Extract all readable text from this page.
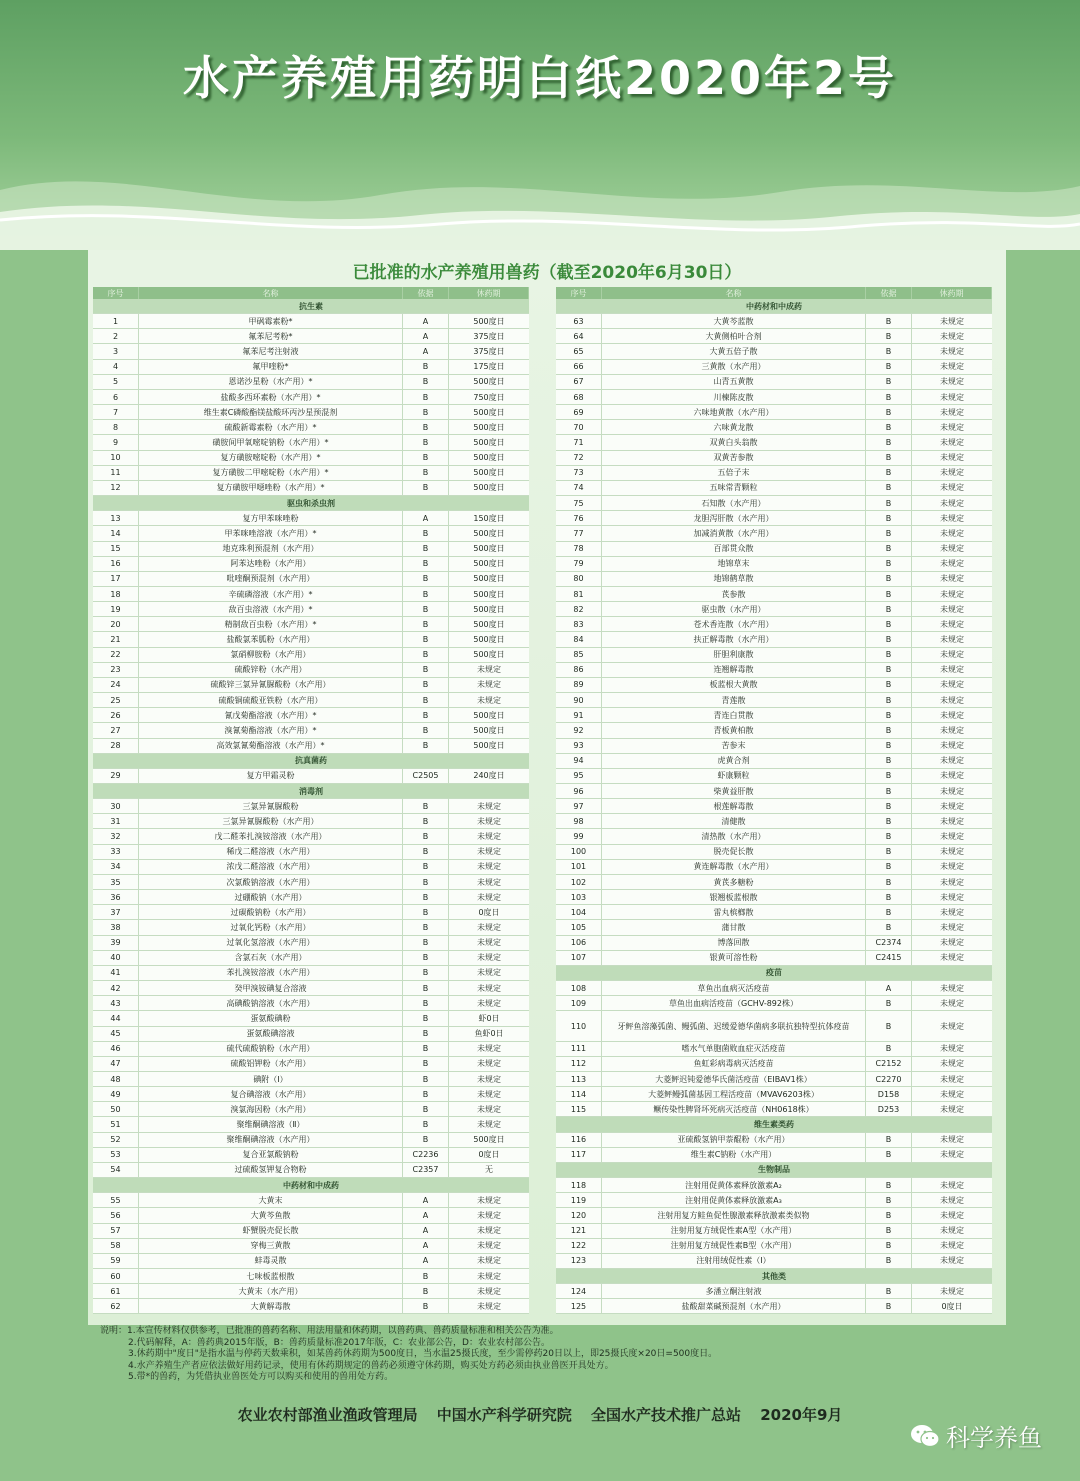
水产养殖用药明白纸2020年2号
已批准的水产养殖用兽药（截至2020年6月30日）
序号	名称	依据	休药期
抗生素
1	甲砜霉素粉*	A	500度日
2	氟苯尼考粉*	A	375度日
3	氟苯尼考注射液	A	375度日
4	氟甲喹粉*	B	175度日
5	恩诺沙星粉（水产用）*	B	500度日
6	盐酸多西环素粉（水产用）*	B	750度日
7	维生素C磷酸酯镁盐酸环丙沙星预混剂	B	500度日
8	硫酸新霉素粉（水产用）*	B	500度日
9	磺胺间甲氧嘧啶钠粉（水产用）*	B	500度日
10	复方磺胺嘧啶粉（水产用）*	B	500度日
11	复方磺胺二甲嘧啶粉（水产用）*	B	500度日
12	复方磺胺甲噁唑粉（水产用）*	B	500度日
驱虫和杀虫剂
13	复方甲苯咪唑粉	A	150度日
14	甲苯咪唑溶液（水产用）*	B	500度日
15	地克珠利预混剂（水产用）	B	500度日
16	阿苯达唑粉（水产用）	B	500度日
17	吡喹酮预混剂（水产用）	B	500度日
18	辛硫磷溶液（水产用）*	B	500度日
19	敌百虫溶液（水产用）*	B	500度日
20	精制敌百虫粉（水产用）*	B	500度日
21	盐酸氯苯胍粉（水产用）	B	500度日
22	氯硝柳胺粉（水产用）	B	500度日
23	硫酸锌粉（水产用）	B	未规定
24	硫酸锌三氯异氰脲酸粉（水产用）	B	未规定
25	硫酸铜硫酸亚铁粉（水产用）	B	未规定
26	氰戊菊酯溶液（水产用）*	B	500度日
27	溴氰菊酯溶液（水产用）*	B	500度日
28	高效氯氰菊酯溶液（水产用）*	B	500度日
抗真菌药
29	复方甲霜灵粉	C2505	240度日
消毒剂
30	三氯异氰脲酸粉	B	未规定
31	三氯异氰脲酸粉（水产用）	B	未规定
32	戊二醛苯扎溴铵溶液（水产用）	B	未规定
33	稀戊二醛溶液（水产用）	B	未规定
34	浓戊二醛溶液（水产用）	B	未规定
35	次氯酸钠溶液（水产用）	B	未规定
36	过硼酸钠（水产用）	B	未规定
37	过碳酸钠粉（水产用）	B	0度日
38	过氧化钙粉（水产用）	B	未规定
39	过氧化氢溶液（水产用）	B	未规定
40	含氯石灰（水产用）	B	未规定
41	苯扎溴铵溶液（水产用）	B	未规定
42	癸甲溴铵碘复合溶液	B	未规定
43	高碘酸钠溶液（水产用）	B	未规定
44	蛋氨酸碘粉	B	虾0日
45	蛋氨酸碘溶液	B	鱼虾0日
46	硫代硫酸钠粉（水产用）	B	未规定
47	硫酸铝钾粉（水产用）	B	未规定
48	碘附（Ⅰ）	B	未规定
49	复合碘溶液（水产用）	B	未规定
50	溴氯海因粉（水产用）	B	未规定
51	聚维酮碘溶液（Ⅱ）	B	未规定
52	聚维酮碘溶液（水产用）	B	500度日
53	复合亚氯酸钠粉	C2236	0度日
54	过硫酸氢钾复合物粉	C2357	无
中药材和中成药
55	大黄末	A	未规定
56	大黄芩鱼散	A	未规定
57	虾蟹脱壳促长散	A	未规定
58	穿梅三黄散	A	未规定
59	蚌毒灵散	A	未规定
60	七味板蓝根散	B	未规定
61	大黄末（水产用）	B	未规定
62	大黄解毒散	B	未规定
序号	名称	依据	休药期
中药材和中成药
63	大黄芩蓝散	B	未规定
64	大黄侧柏叶合剂	B	未规定
65	大黄五倍子散	B	未规定
66	三黄散（水产用）	B	未规定
67	山青五黄散	B	未规定
68	川楝陈皮散	B	未规定
69	六味地黄散（水产用）	B	未规定
70	六味黄龙散	B	未规定
71	双黄白头翁散	B	未规定
72	双黄苦参散	B	未规定
73	五倍子末	B	未规定
74	五味常青颗粒	B	未规定
75	石知散（水产用）	B	未规定
76	龙胆泻肝散（水产用）	B	未规定
77	加减消黄散（水产用）	B	未规定
78	百部贯众散	B	未规定
79	地锦草末	B	未规定
80	地锦鹤草散	B	未规定
81	芪参散	B	未规定
82	驱虫散（水产用）	B	未规定
83	苍术香连散（水产用）	B	未规定
84	扶正解毒散（水产用）	B	未规定
85	肝胆利康散	B	未规定
86	连翘解毒散	B	未规定
89	板蓝根大黄散	B	未规定
90	青莲散	B	未规定
91	青连白贯散	B	未规定
92	青板黄柏散	B	未规定
93	苦参末	B	未规定
94	虎黄合剂	B	未规定
95	虾康颗粒	B	未规定
96	柴黄益肝散	B	未规定
97	根莲解毒散	B	未规定
98	清健散	B	未规定
99	清热散（水产用）	B	未规定
100	脱壳促长散	B	未规定
101	黄连解毒散（水产用）	B	未规定
102	黄芪多糖粉	B	未规定
103	银翘板蓝根散	B	未规定
104	雷丸槟榔散	B	未规定
105	蒲甘散	B	未规定
106	博落回散	C2374	未规定
107	银黄可溶性粉	C2415	未规定
疫苗
108	草鱼出血病灭活疫苗	A	未规定
109	草鱼出血病活疫苗（GCHV-892株）	B	未规定
110	牙鲆鱼溶藻弧菌、鳗弧菌、迟缓爱德华菌病多联抗独特型抗体疫苗	B	未规定
111	嗜水气单胞菌败血症灭活疫苗	B	未规定
112	鱼虹彩病毒病灭活疫苗	C2152	未规定
113	大菱鲆迟钝爱德华氏菌活疫苗（EIBAV1株）	C2270	未规定
114	大菱鲆鳗弧菌基因工程活疫苗（MVAV6203株）	D158	未规定
115	鳜传染性脾肾坏死病灭活疫苗（NH0618株）	D253	未规定
维生素类药
116	亚硫酸氢钠甲萘醌粉（水产用）	B	未规定
117	维生素C钠粉（水产用）	B	未规定
生物制品
118	注射用促黄体素释放激素A₂	B	未规定
119	注射用促黄体素释放激素A₃	B	未规定
120	注射用复方鲑鱼促性腺激素释放激素类似物	B	未规定
121	注射用复方绒促性素A型（水产用）	B	未规定
122	注射用复方绒促性素B型（水产用）	B	未规定
123	注射用绒促性素（Ⅰ）	B	未规定
其他类
124	多潘立酮注射液	B	未规定
125	盐酸甜菜碱预混剂（水产用）	B	0度日
说明：1.本宣传材料仅供参考，已批准的兽药名称、用法用量和休药期，以兽药典、兽药质量标准和相关公告为准。
2.代码解释，A：兽药典2015年版，B：兽药质量标准2017年版，C：农业部公告，D：农业农村部公告。
3.休药期中"度日"是指水温与停药天数乘积，如某兽药休药期为500度日，当水温25摄氏度，至少需停药20日以上，即25摄氏度×20日=500度日。
4.水产养殖生产者应依法做好用药记录，使用有休药期规定的兽药必须遵守休药期，购买处方药必须由执业兽医开具处方。
5.带*的兽药，为凭借执业兽医处方可以购买和使用的兽用处方药。
农业农村部渔业渔政管理局 中国水产科学研究院 全国水产技术推广总站 2020年9月
科学养鱼
